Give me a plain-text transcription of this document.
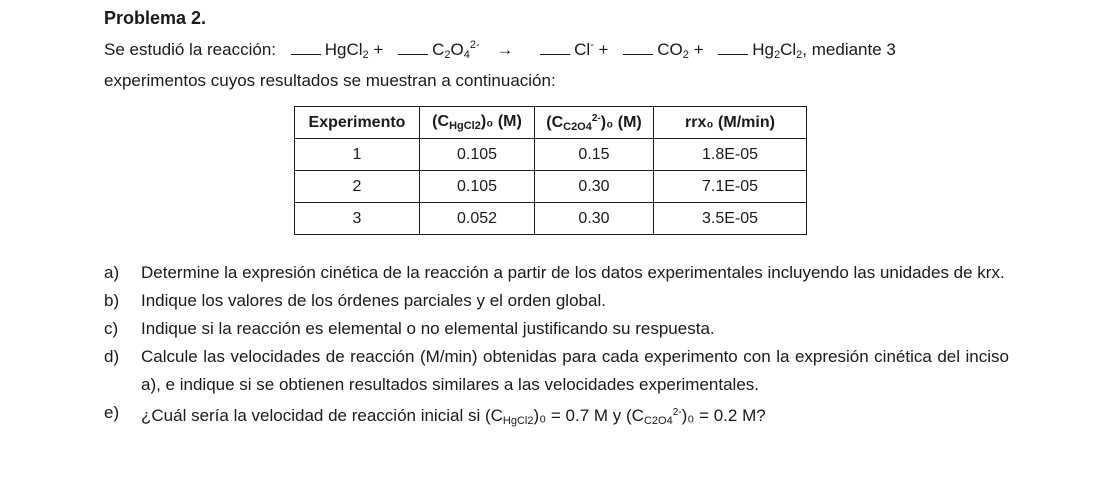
Problema 2.

Se estudió la reacción:	HgCl$_2$ +	$C_2O_4^{2-}$ →	Cl- +	$CO_2$ +	$Hg_2Cl_2$, mediante 3
experimentos cuyos resultados se muestran a continuación:

Experimento	(CHgCl2)₀ (M)	$(CC2O4^{2-})_0$ (M)	rrx₀ (M/min)
1	0.105	0.15	1.8E-05
2	0.105	0.30	7.1E-05
3	0.052	0.30	3.5E-05
a) Determine la expresión cinética de la reacción a partir de los datos experimentales incluyendo las unidades de krx.
b) Indique los valores de los órdenes parciales y el orden global.
c) Indique si la reacción es elemental o no elemental justificando su respuesta.
d) Calcule las velocidades de reacción (M/min) obtenidas para cada experimento con la expresión cinética del inciso a), e indique si se obtienen resultados similares a las velocidades experimentales.
e) ¿Cuál sería la velocidad de reacción inicial si (CHgCl2)₀ = 0.7 M y $(CC2O4^{2-})_0 = 0.2$ M?
